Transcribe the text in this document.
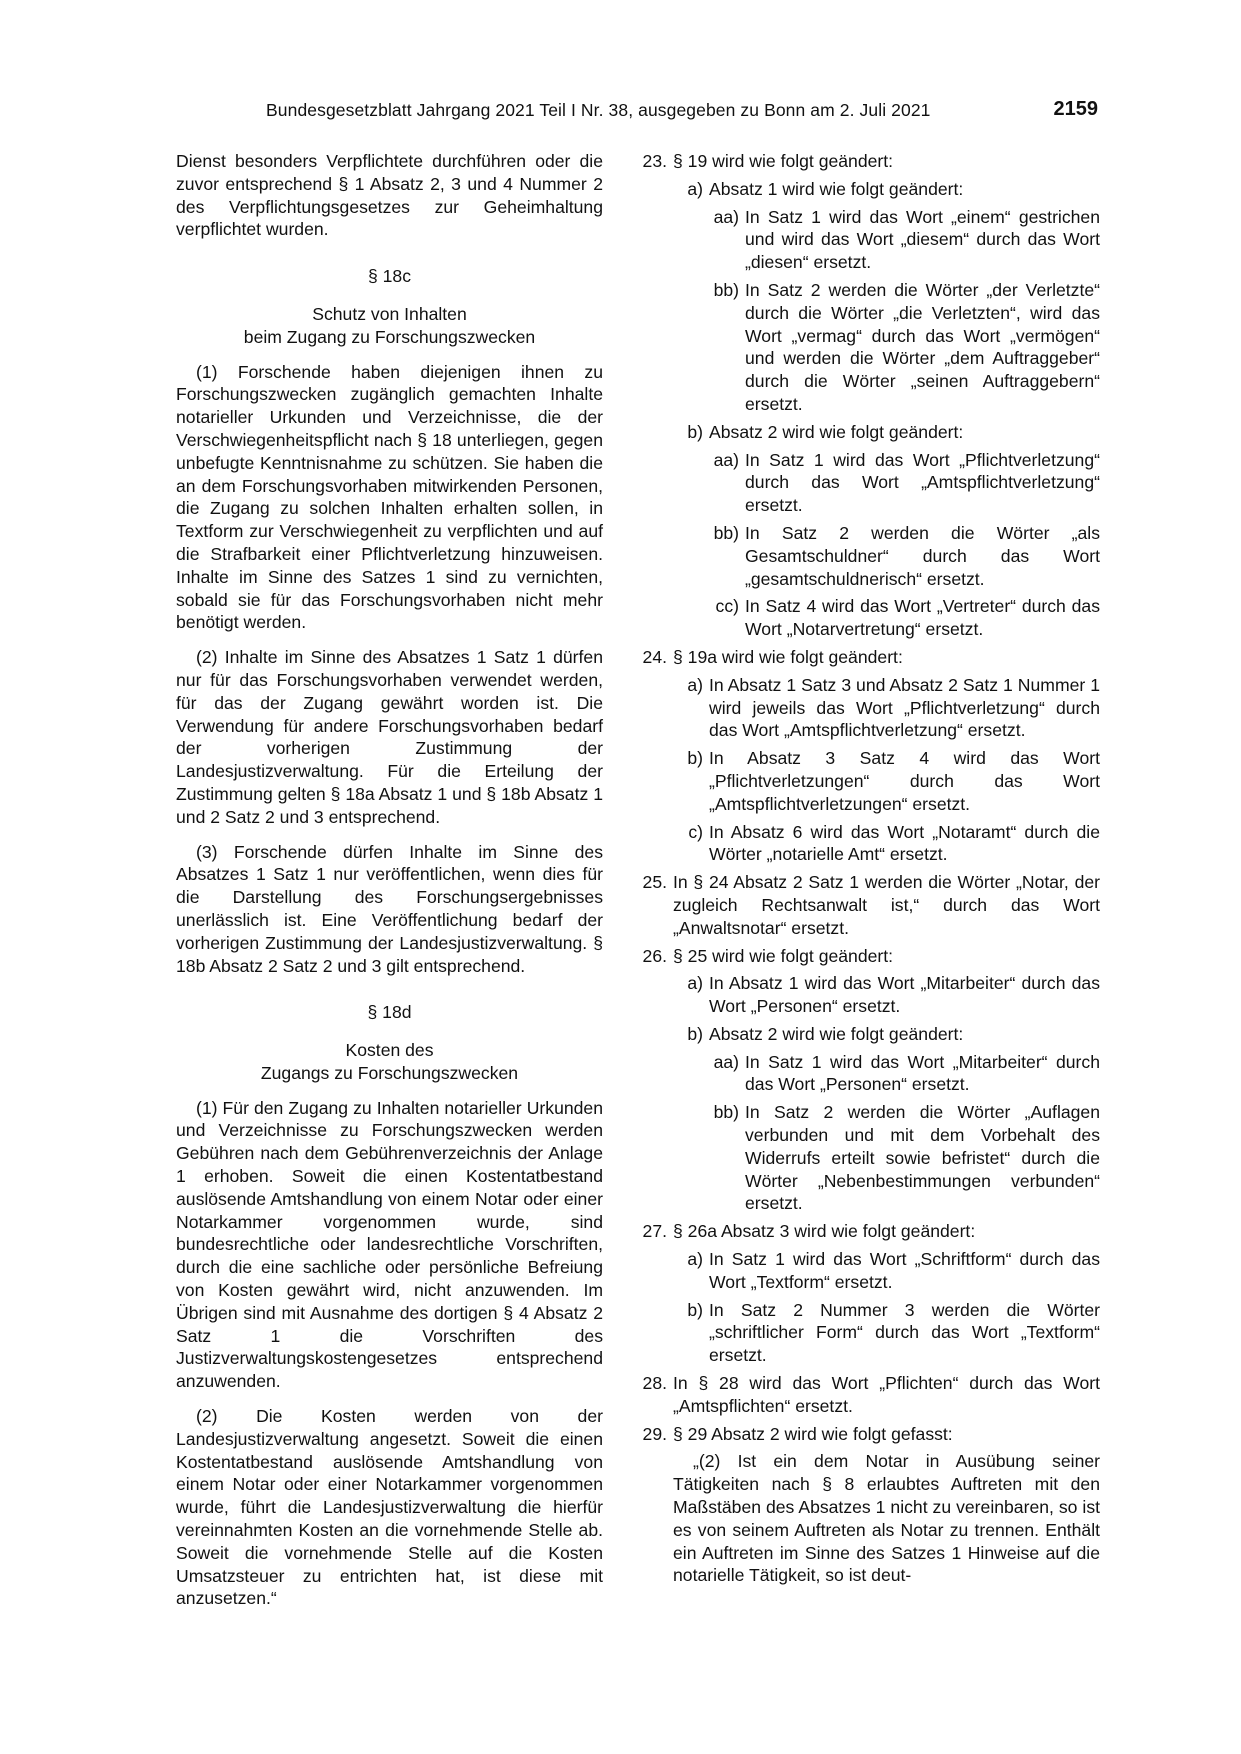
Bundesgesetzblatt Jahrgang 2021 Teil I Nr. 38, ausgegeben zu Bonn am 2. Juli 2021	2159

Dienst besonders Verpflichtete durchführen oder die zuvor entsprechend § 1 Absatz 2, 3 und 4 Nummer 2 des Verpflichtungsgesetzes zur Geheimhaltung verpflichtet wurden.

§ 18c

Schutz von Inhalten

beim Zugang zu Forschungszwecken

(1) Forschende haben diejenigen ihnen zu Forschungszwecken zugänglich gemachten Inhalte notarieller Urkunden und Verzeichnisse, die der Verschwiegenheitspflicht nach § 18 unterliegen, gegen unbefugte Kenntnisnahme zu schützen. Sie haben die an dem Forschungsvorhaben mitwirkenden Personen, die Zugang zu solchen Inhalten erhalten sollen, in Textform zur Verschwiegenheit zu verpflichten und auf die Strafbarkeit einer Pflichtverletzung hinzuweisen. Inhalte im Sinne des Satzes 1 sind zu vernichten, sobald sie für das Forschungsvorhaben nicht mehr benötigt werden.

(2) Inhalte im Sinne des Absatzes 1 Satz 1 dürfen nur für das Forschungsvorhaben verwendet werden, für das der Zugang gewährt worden ist. Die Verwendung für andere Forschungsvorhaben bedarf der vorherigen Zustimmung der Landesjustizverwaltung. Für die Erteilung der Zustimmung gelten § 18a Absatz 1 und § 18b Absatz 1 und 2 Satz 2 und 3 entsprechend.

(3) Forschende dürfen Inhalte im Sinne des Absatzes 1 Satz 1 nur veröffentlichen, wenn dies für die Darstellung des Forschungsergebnisses unerlässlich ist. Eine Veröffentlichung bedarf der vorherigen Zustimmung der Landesjustizverwaltung. § 18b Absatz 2 Satz 2 und 3 gilt entsprechend.

§ 18d

Kosten des

Zugangs zu Forschungszwecken

(1) Für den Zugang zu Inhalten notarieller Urkunden und Verzeichnisse zu Forschungszwecken werden Gebühren nach dem Gebührenverzeichnis der Anlage 1 erhoben. Soweit die einen Kostentatbestand auslösende Amtshandlung von einem Notar oder einer Notarkammer vorgenommen wurde, sind bundesrechtliche oder landesrechtliche Vorschriften, durch die eine sachliche oder persönliche Befreiung von Kosten gewährt wird, nicht anzuwenden. Im Übrigen sind mit Ausnahme des dortigen § 4 Absatz 2 Satz 1 die Vorschriften des Justizverwaltungskostengesetzes entsprechend anzuwenden.

(2) Die Kosten werden von der Landesjustizverwaltung angesetzt. Soweit die einen Kostentatbestand auslösende Amtshandlung von einem Notar oder einer Notarkammer vorgenommen wurde, führt die Landesjustizverwaltung die hierfür vereinnahmten Kosten an die vornehmende Stelle ab. Soweit die vornehmende Stelle auf die Kosten Umsatzsteuer zu entrichten hat, ist diese mit anzusetzen.“

23. § 19 wird wie folgt geändert:
a) Absatz 1 wird wie folgt geändert:
aa) In Satz 1 wird das Wort „einem“ gestrichen und wird das Wort „diesem“ durch das Wort „diesen“ ersetzt.
bb) In Satz 2 werden die Wörter „der Verletzte“ durch die Wörter „die Verletzten“, wird das Wort „vermag“ durch das Wort „vermögen“ und werden die Wörter „dem Auftraggeber“ durch die Wörter „seinen Auftraggebern“ ersetzt.
b) Absatz 2 wird wie folgt geändert:
aa) In Satz 1 wird das Wort „Pflichtverletzung“ durch das Wort „Amtspflichtverletzung“ ersetzt.
bb) In Satz 2 werden die Wörter „als Gesamtschuldner“ durch das Wort „gesamtschuldnerisch“ ersetzt.
cc) In Satz 4 wird das Wort „Vertreter“ durch das Wort „Notarvertretung“ ersetzt.
24. § 19a wird wie folgt geändert:
a) In Absatz 1 Satz 3 und Absatz 2 Satz 1 Nummer 1 wird jeweils das Wort „Pflichtverletzung“ durch das Wort „Amtspflichtverletzung“ ersetzt.
b) In Absatz 3 Satz 4 wird das Wort „Pflichtverletzungen“ durch das Wort „Amtspflichtverletzungen“ ersetzt.
c) In Absatz 6 wird das Wort „Notaramt“ durch die Wörter „notarielle Amt“ ersetzt.
25. In § 24 Absatz 2 Satz 1 werden die Wörter „Notar, der zugleich Rechtsanwalt ist,“ durch das Wort „Anwaltsnotar“ ersetzt.
26. § 25 wird wie folgt geändert:
a) In Absatz 1 wird das Wort „Mitarbeiter“ durch das Wort „Personen“ ersetzt.
b) Absatz 2 wird wie folgt geändert:
aa) In Satz 1 wird das Wort „Mitarbeiter“ durch das Wort „Personen“ ersetzt.
bb) In Satz 2 werden die Wörter „Auflagen verbunden und mit dem Vorbehalt des Widerrufs erteilt sowie befristet“ durch die Wörter „Nebenbestimmungen verbunden“ ersetzt.
27. § 26a Absatz 3 wird wie folgt geändert:
a) In Satz 1 wird das Wort „Schriftform“ durch das Wort „Textform“ ersetzt.
b) In Satz 2 Nummer 3 werden die Wörter „schriftlicher Form“ durch das Wort „Textform“ ersetzt.
28. In § 28 wird das Wort „Pflichten“ durch das Wort „Amtspflichten“ ersetzt.
29. § 29 Absatz 2 wird wie folgt gefasst:

„(2) Ist ein dem Notar in Ausübung seiner Tätigkeiten nach § 8 erlaubtes Auftreten mit den Maßstäben des Absatzes 1 nicht zu vereinbaren, so ist es von seinem Auftreten als Notar zu trennen. Enthält ein Auftreten im Sinne des Satzes 1 Hinweise auf die notarielle Tätigkeit, so ist deut-
